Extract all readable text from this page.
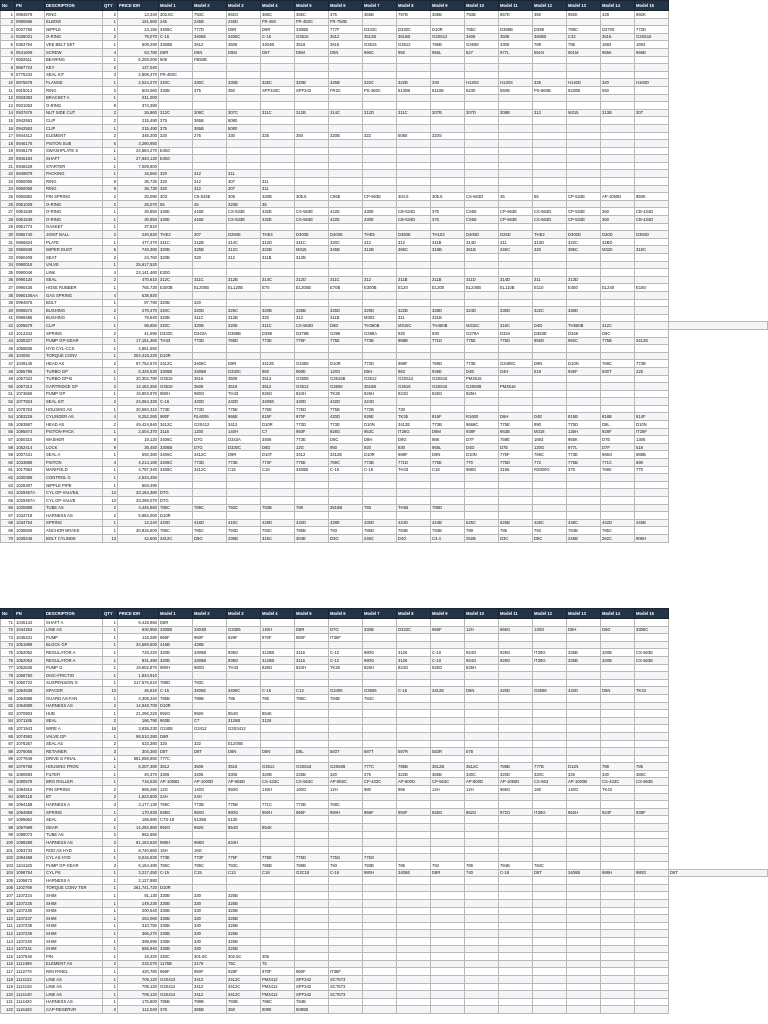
No	PN	DESCRIPTION	QTY	PRICE IDR	Model 1	Model 2	Model 3	Model 4	Model 5	Model 6	Model 7	Model 8	Model 9	Model 10	Model 11	Model 12	Model 13	Model 14	Model 15	
1	0984578	RING	2	13,340	302.5C	793C	992G	385C	365C	375	365B	797B	385B	793B	657E	350	992K	428	992K	
2	0890686	ELBOW	1	161,560	245	245B	245D	FR-450	FR-450C	FR-750B										
3	0037765	NIPPLE	1	24,150	3406C	777D	D9R	D8R	3306B	777F	D333C	D330C	D10R	785C	D398B	D399	789C	D3700	773D	
4	0336031	O-RING	2	79,070	C-15	3406E	3406C	C-15	G3516	3512	3512B	3516B	G3S512	3406	3508	3508B	C32	3516	G3S516	
5	0363754	VEE BELT SET	1	608,290	3306B	3512	3508	3304B	3516	3516	G3516	G3512	785B	G3508	3306	789	785	1693	1693	
6	0541609	SCREW	4	53,780	D6R	D6N	D6M	D6T	D5M	D5N	966C	950	955L	527	977L	561N	561M	955K	966B	
7	0682511	BEARING	1	5,208,000	508	FB50B														
8	0687724	KEY	2	127,040																
9	0775232	SEAL KIT	3	2,808,470	FR-450C															
10	0875678	FLANGE	1	2,024,270	320C	330C	330B	325C	320B	325B	322C	322B	330	H120S	H130S	325	H140D	320	H160D	
11	0915013	RING	2	504,060	330B	375	350	SPF343C	SPF343	FR2C	PS-360C	5130B	5110B	5230	550B	PS-560B	5230B	550		
12	0933383	BRACKET A	1	911,000																
13	0931063	O-RING	8	374,390																
14	0937676	NUT SIDE CUT	2	26,860	312C	308C	307C	311C	312B	314C	312D	311C	307B	307D	308B	312	M315	313B	307	
15	0942553	CLIP	2	215,490	375	365B	5080													
16	0942553	CLIP	1	215,490	375	365B	5080													
17	0944412	ELEMENT	2	348,300	320	275	330	325	350	320B	322	5080	320S							
18	0946176	PISTON SUB	6	3,290,950																
19	0946179	SWASHPLATE S	1	24,684,270	E450															
20	0946184	SHAFT	1	27,840,130	E450															
21	0948428	STARTER	1	7,009,800																
22	0949879	PACKING	1	15,560	320	312	311													
23	0950058	RING	9	36,730	320	312	307	311												
24	0950058	RING	9	36,730	320	312	307	311												
25	0950882	PIN SPRING	2	20,090	303	C5-533E	305	320B	305.5	C55E	CP-563E	304.5	305.5	CS-563D	45	55	CP-533E	AP-1055D	950K	
26	0951029	O-RING	2	26,070	55	45	320B	35												
27	0951539	O-RING	1	30,850	430E	416E	CS-533E	432E	CS-563E	422E	430E	CB-534D	375	CS56	CP-563E	CS-563D	CP-533E	350	CB-434D	
28	0951539	O-RING	1	30,850	430E	416E	CS-533E	432E	CS-563E	422E	430E	CB-534D	375	CS56	CP-563E	CS-563D	CP-533E	350	CB-434D	
29	0951774	GASKET	1	37,810																
30	0955740	JOINT BALL	2	240,820	THE2	307	D250E	THE4	D300E	D400E	THE5	D350E	TH103	D400D	D25D	THE2	D300D	D30D	D350D	
31	0956824	PLATE	1	477,470	311C	312B	314C	312D	311C	320C	312	312	311B	314D	311	313D	322C	32BD		
32	0956938	WIPER DUST	5	749,380	320B	325B	312C	322B	M315	345B	312B	365C	318B	361B	345C	320	385C	M320	315C	
33	0960408	SEAT	2	24,760	320B	320	312	311B	312B											
34	0990018	VALVE	1	25,617,520																
35	0990046	LINK	4	23,141,460	E300															
36	0990134	SEAL	2	470,610	312C	311C	312B	314C	312D	311C	312	311B	311B	311D	314D	311	313D			
37	0990436	HOSE RUBBER	1	765,730	E300B	EL200B	EL120B	E70	EL300B	E70B	E300B	E120	EL300	EL240B	EL110B	E110	E450	EL240	E180	
38	0990106AA	GAS SPRING	4	538,920																
39	0994875	BOLT	1	97,790	320B	320														
40	0995572	BUSHING	2	270,470	320C	320D	325C	320B	325B	325D	329D	322B	328D	324D	330D	322C	336D			
41	0999485	BUSHING	1	79,840	320B	311C	312B	320	312	311B	M302	311	321B							
42	1005579	CLIP	1	98,850	320C	320B	320E	311C	CS-563D	D6D	TH360B	M315C	TH460B	M315C	315C	D4D	TH560B	312C		
43	1012342	SPRING	2	41,590	D333C	D343A	D398B	D399	D379B	G399	G398A	920	930	G379A	D334	D353E	D348	D6C		
44	1030327	PUMP GP-GEAR	1	17,151,360	TH43	773D	769D	773E	775F	775E	773B	988B	771D	775E	775D	992D	992C	775B	3412E	
45	1058836	HYD CYL-CCS	1	4,861,550																
46	104092	TORQUE CONV	1	204,418,220	D10R															
47	1049145	HEAD AS	2	87,752,570	3412C	3406C	D9R	3412E	G3406	D10R	773D	988F	769D	773E	G3408C	D9N	D10N	769C	773B	
48	1055796	TURBO GP	1	5,329,530	3306B	3306B	D330C	950	950E	120G	D5H	963	936E	D4E	D4H	518	936F	930T	225	
49	1057322	TURBO GP-B	1	20,302,780	G3516	3516	3508	3512	G3508	G3516B	G3512	G3S512	G3S516	PM3516						
50	1067313	CARTRIDGE GP	2	14,182,350	G3516	3508	3516	3512	G3512	G3508	3516B	G3516	G3S516	G3S508	PM3516					
51	1073665	PUMP GP	1	19,803,970	980H	980G	TH43	826G	824H	TK35	826H	824G	825G	825H						
52	1077824	SEAL KIT	2	24,054,330	C-16	420D	432D	3406E	430D	442D	424D									
53	1078763	HOUSING AS	1	30,560,310	773E	773D	775E	775E	775D	775B	772B	730								
54	1083226	CYLINDER AS	4	8,252,260	980F	RL6006	966E	815F	970F	420D	926E	TK35	816F	R1600	D6H	D4E	815B	818B	814F	
55	1093887	HEAD AS	2	49,424,940	3412C	G3S412	3412	D10R	773D	773E	D10N	3412E	773B	9666C	775E	990	775D	D9L	D10N	
56	1095874	PISTON-PACK	1	2,504,370	3116	1200	140H	C7	950F	928G	953C	IT28G	D6M	938F	963B	M318	135H	928F	IT28F	
57	1050315	WASHER	8	19,120	3406C	D7G	D343A	3406	773E	D6C	D8H	D9G	988	D7F	769E	1693	955K	D7E	1306	
58	1052414	LOCK	9	36,450	3306B	D7G	D330C	D6D	12G	950	920	930	955L	D4D	D7E	120G	977L	D7F	518	
59	1007431	SEAL A	1	593,380	3406C	3412C	D9R	D10T	3412	3412E	D10R	988F	D9N	D10N	775F	769C	773E	966G	988B	
60	1033868	PISTON	4	4,214,180	3406C	773D	773E	773F	775E	769C	773B	771D	775E	770	775D	772	775B	771C	690	
61	1017554	MANIFOLD	1	4,797,340	3406C	3412C	C15	C18	3406B	C-15	C-16	TH43	C18	988G	3196	R2900G	375	7690	770	
62	1030389	CONTROL G	1	2,533,450																
63	1026497	NIPPLE PIPE	1	663,490																
64	1029457A	CYL GP-VALVE&	13	33,184,380	D7G															
65	1029457A	CYL GP-VALVE	13	33,269,070	D7G															
66	1030889	TUBE AS	2	4,445,860	785C	789C	793C	793B	789	3516B	793	TH55	789D							
67	1034718	HARNESS AS	2	5,882,000	D10R															
68	1034754	SPRING	1	12,240	420D	416D	416C	428D	432D	428E	430D	424D	424B	525C	525B	426C	438C	442D	446B	
69	1038506	ANCHOR BRAKE	1	30,915,600	785C	785C	793D	793C	785B	793	785D	784B	793B	789	785	793	784B	785C		
70	1039246	BOLT CYLINDE	13	42,600	3412C	D5G	236B	315C	304E	D3G	246C	D4G	C3.4	252B	D3C	D5C	246B	262C	906H	
No	PN	DESCRIPTION	QTY	PRICE IDR	Model 1	Model 2	Model 3	Model 4	Model 5	Model 6	Model 7	Model 8	Model 9	Model 10	Model 11	Model 12	Model 13	Model 14	Model 15	
71	1045142	SHAFT A	1	9,418,860	D6R															
72	1044254	LINE AS	1	630,950	3306B	3304B	G3306	140H	D6R	D7G	330B	D333C	966F	12H	966G	140G	D6H	D6D	3306C	
73	1045431	PUMP	1	116,280	966F	950F	928F	970F	950F	IT38F										
74	1051998	BLOCK GP	1	34,569,500	416B	428B														
75	1052062	REGULATOR A	1	729,220	320B	3306B	938G	3126B	3116	C-12	980G	3126	C-10	924G	928G	IT28G	325B	320B	CS-563E	
76	1052063	REGULATOR A	1	831,490	320B	3306B	938G	3126B	3116	C-12	980G	3126	C-10	924G	928G	IT28G	325B	320B	CS-563E	
77	1052635	PUMP G	1	19,802,870	980H	980G	TH43	826G	824H	TK35	826H	824G	825G	825H						
78	1058750	DISC-FRICTIO	1	1,834,910																
79	1060722	SUSPENSION G	1	217,576,610	789D	793C														
80	1064539	SPACER	13	45,610	C-15	3406E	3406C	C-15	C13	G3406	G3606	C-16	3412E	D6N	420D	G3608	432D	D5N	TK43	
81	1064686	GUARD AS-FAN	1	3,309,340	785B	789B	785	785	785C	784B	784C									
82	1064889	HARNESS AS	2	14,948,700	D10R															
83	1070903	HUB	1	21,296,220	992G	992K	854G	854K												
84	1071185	SEAL	2	166,790	963B	C7	3126B	3126												
85	1071943	WIRE A	16	3,838,230	G3408	G3412	G3S3412													
86	1074592	VALVE GP	1	98,510,280	D6R															
87	1076257	SEAL AS	2	533,380	320	322	EL200B													
88	1076065	RETAINER	3	304,360	D8T	D8T	D8N	D8N	D8L	583T	587T	587R	583R	578						
89	1077649	DRIVE G FINAL	1	681,056,950	777C															
90	1078758	HOUSING FRON	1	8,207,380	3512	3508	3516	G3512	G3S516	G3S508	777C	785B	3512B	3512C	789B	777B	D11N	789	785	
91	1080683	FILTER	1	40,370	3306	3406	3306	320B	325B	320	375	322B	365B	330C	320D	320C	325	330	385C	
92	1080578	BRG ROLLER	1	716,530	AP-1055D	AP-1000D	AP-655D	CS-433C	CS-563C	AP-655C	CP-433C	AP-600D	CP-563C	AP-800D	AP-1055D	CS-563	AP-1000B	CS-433C	CS-563E	
93	1084816	PIN SPRING	2	969,260	12G	140G	950G	140H	160G	12H	980	966	12H	12H	966G	160	140G	TK43		
94	1090118	BT	2	1,523,500	24H	24H														
95	1094158	HARNESS A	3	3,177,130	769C	773B	775B	771C	772B	768C										
96	1094859	SPRING	1	170,930	938G	950G	980G	950H	966F	980H	966F	950F	928G	962G	972G	IT28G	962H	924F	938F	
97	1095652	SEAL	2	166,980	C7S-18	5130B	5130													
98	1097989	GEAR	1	14,292,860	992G	992K	854G	854K												
99	1098073	TUBE AS	2	862,650																
100	1098289	HARNESS AS	2	91,153,620	988H	988G	834H													
101	1093733	ROD AS HYD	1	8,740,660	16H	16G														
102	1094468	CYL AS HYD	1	8,015,830	773E	773F	775F	775E	775D	775G	776G									
103	1104183	PUMP GP-GEAR	3	6,164,490	785C	789C	793C	785B	789B	793	793B	785	793	789	784B	784C				
104	1098764	CYL PK	1	3,217,450	C-15	C15	C13	C18	G3C18	C-16	980H	3406E	D8R	740	C-18	D8T	3406B	988H	980G	D6T
105	1105673	HARNESS A	1	2,127,880																
106	1102769	TORQUE CONV TER	1	261,741,720	D10R															
107	1107234	SHIM	1	91,130	330B	330	325B													
108	1107235	SHIM	1	149,230	330B	330	325B													
109	1107236	SHIM	1	200,540	330B	330	325B													
110	1107237	SHIM	1	254,060	330B	330	325B													
111	1107238	SHIM	1	310,750	330B	330	325B													
112	1107239	SHIM	1	366,270	330B	330	325B													
113	1107240	SHIM	1	399,690	330B	330	325B													
114	1107241	SHIM	1	655,940	330B	330	325B													
115	1107546	PIN	1	19,320	320C	301.8C	302.5C	305												
116	1112469	ELEMENT AS	2	233,070	1176B	3176	75C	75												
117	1113776	RIM PANEL	1	420,780	966F	950F	928F	970F	950F	IT38F										
118	1114122	LINE AS	1	709,120	G3S412	3412	3412C	PM3412	SPF342	SCT673										
119	1114128	LINE AS	1	709,120	G3S412	3412	3412C	PM3412	SPF342	SCT673										
120	1114140	LINE AS	1	709,120	G3S412	3412	3412C	PM3412	SPF342	SCT673										
121	1114420	HARNESS AS	1	175,800	785B	789B	793B	785C	784B											
122	1116420	CAP-RESERVR	2	112,040	375	365B	350	5080	5090B											
